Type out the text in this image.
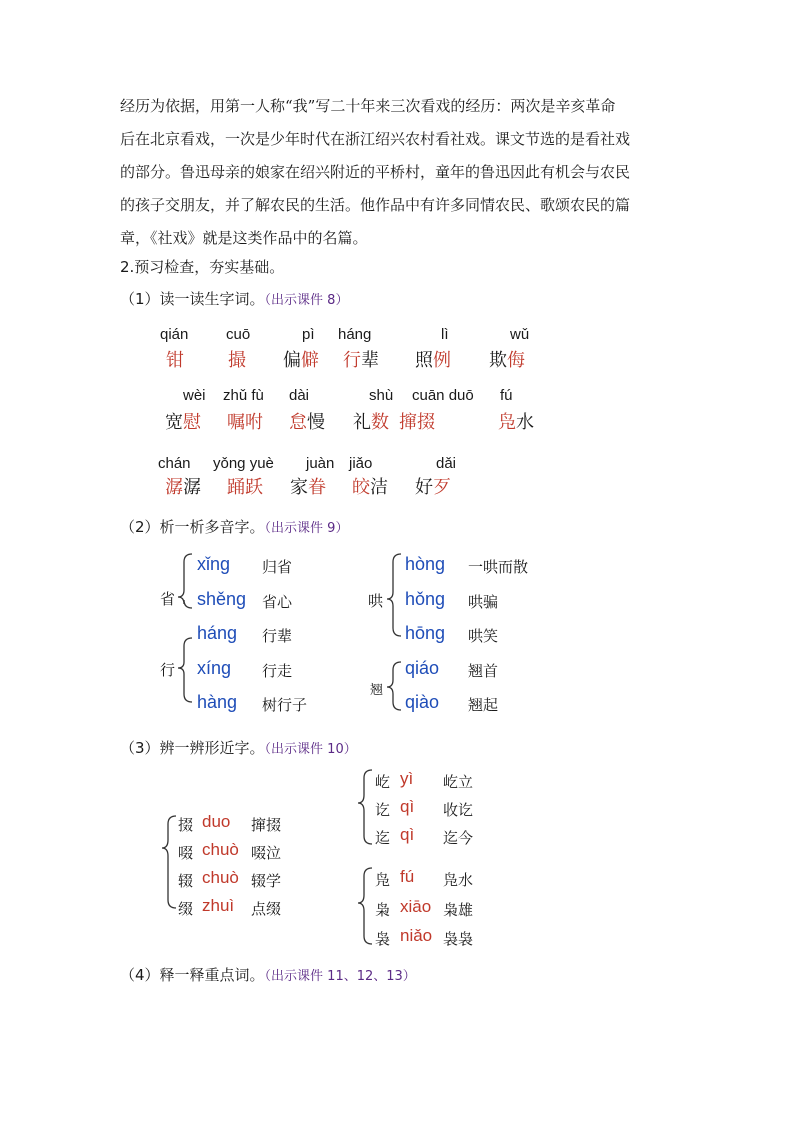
经历为依据，用第一人称“我”写二十年来三次看戏的经历：两次是辛亥革命
后在北京看戏，一次是少年时代在浙江绍兴农村看社戏。课文节选的是看社戏
的部分。鲁迅母亲的娘家在绍兴附近的平桥村，童年的鲁迅因此有机会与农民
的孩子交朋友，并了解农民的生活。他作品中有许多同情农民、歌颂农民的篇
章，《社戏》就是这类作品中的名篇。
2.预习检查，夯实基础。
（1）读一读生字词。（出示课件 8）
qián
钳
cuō
撮
pì
偏僻
háng
行辈
lì
照例
wǔ
欺侮
wèi
宽慰
zhǔ fù
嘱咐
dài
怠慢
shù
礼数
cuān duō
撺掇
fú
凫水
chán
潺潺
yǒng yuè
踊跃
juàn
家眷
jiǎo
皎洁
dǎi
好歹
（2）析一析多音字。（出示课件 9）
省
xǐng 归省
shěng 省心
行
háng 行辈
xíng 行走
hàng 树行子
哄
hòng 一哄而散
hǒng 哄骗
hōng 哄笑
翘
qiáo 翘首
qiào 翘起
（3）辨一辨形近字。（出示课件 10）
掇 duo 撺掇
啜 chuò 啜泣
辍 chuò 辍学
缀 zhuì 点缀
屹 yì 屹立
讫 qì 收讫
迄 qì 迄今
凫 fú 凫水
枭 xiāo 枭雄
袅 niǎo 袅袅
（4）释一释重点词。（出示课件 11、12、13）
